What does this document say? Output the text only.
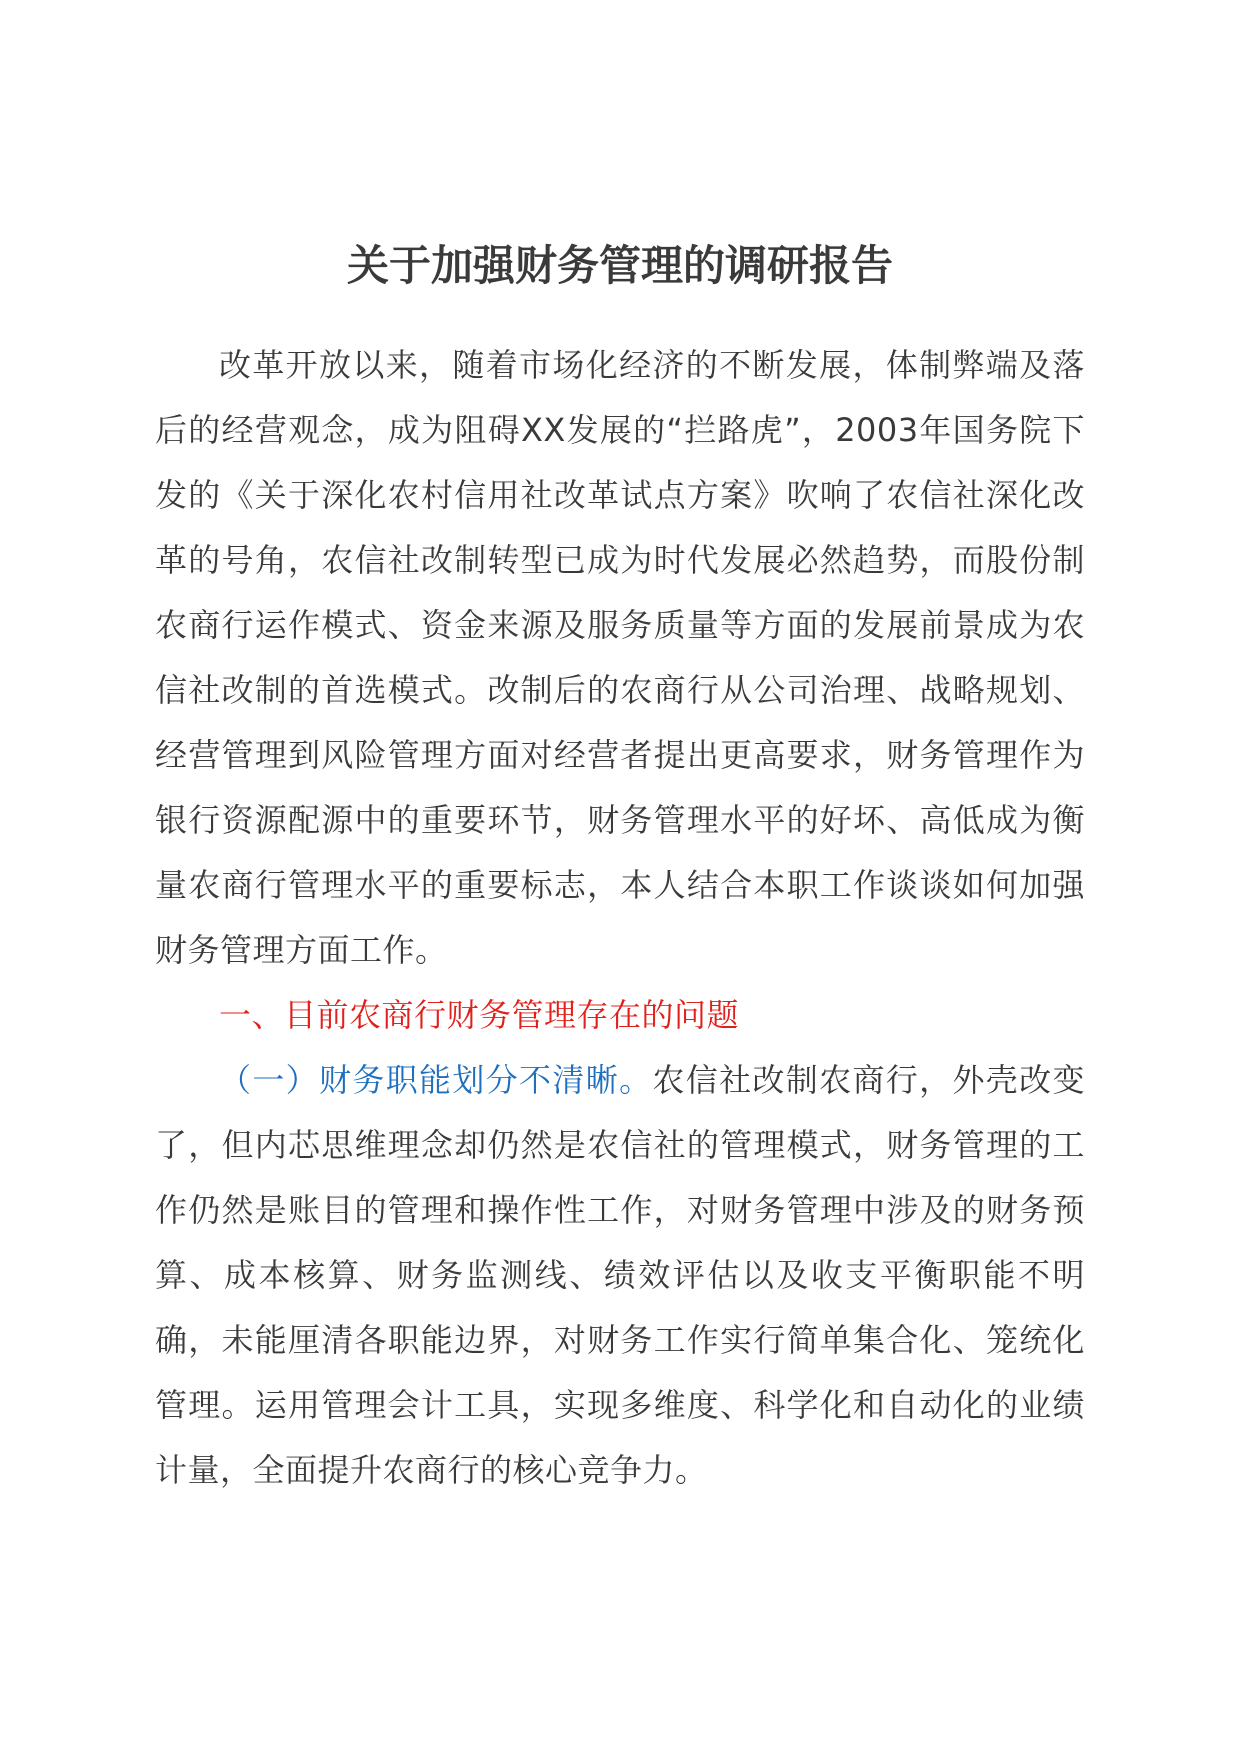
关于加强财务管理的调研报告

改革开放以来，随着市场化经济的不断发展，体制弊端及落后的经营观念，成为阻碍XX发展的“拦路虎”，2003年国务院下发的《关于深化农村信用社改革试点方案》吹响了农信社深化改革的号角，农信社改制转型已成为时代发展必然趋势，而股份制农商行运作模式、资金来源及服务质量等方面的发展前景成为农信社改制的首选模式。改制后的农商行从公司治理、战略规划、经营管理到风险管理方面对经营者提出更高要求，财务管理作为银行资源配源中的重要环节，财务管理水平的好坏、高低成为衡量农商行管理水平的重要标志，本人结合本职工作谈谈如何加强财务管理方面工作。

一、目前农商行财务管理存在的问题

（一）财务职能划分不清晰。农信社改制农商行，外壳改变了，但内芯思维理念却仍然是农信社的管理模式，财务管理的工作仍然是账目的管理和操作性工作，对财务管理中涉及的财务预算、成本核算、财务监测线、绩效评估以及收支平衡职能不明确，未能厘清各职能边界，对财务工作实行简单集合化、笼统化管理。运用管理会计工具，实现多维度、科学化和自动化的业绩计量，全面提升农商行的核心竞争力。
